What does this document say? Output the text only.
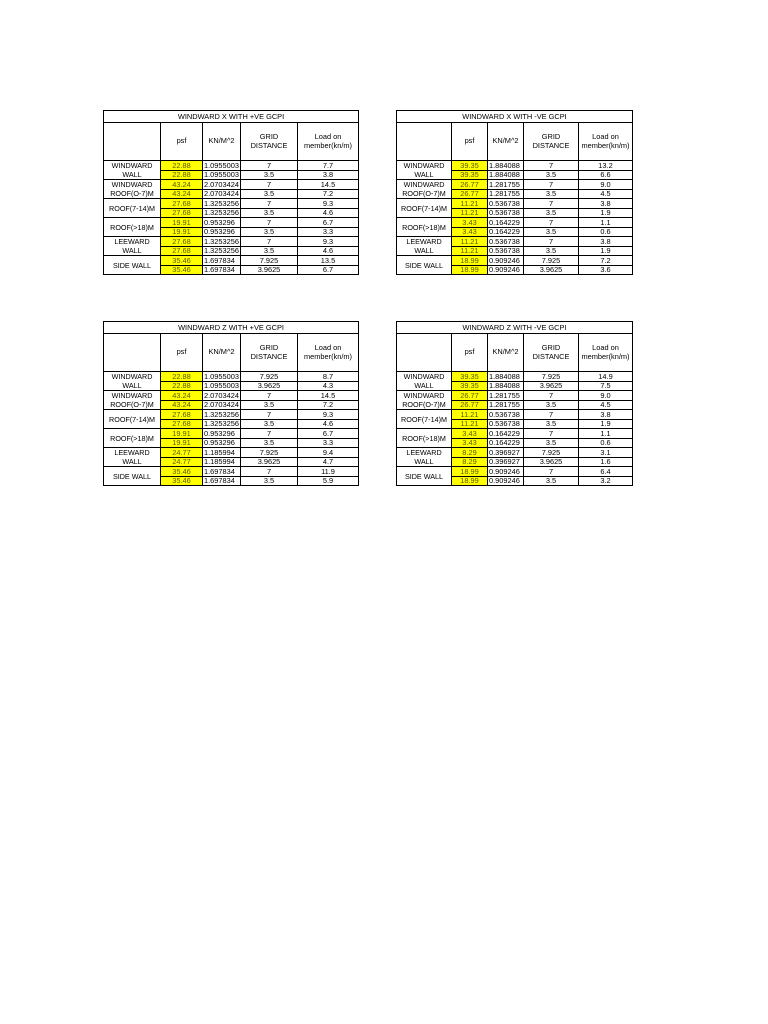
WINDWARD X WITH +VE GCPI				
	psf	KN/M^2	GRID DISTANCE	Load on member(kn/m)
WINDWARD WALL	22.88	1.0955003	7	7.7
	22.88	1.0955003	3.5	3.8
WINDWARD ROOF(O-7)M	43.24	2.0703424	7	14.5
	43.24	2.0703424	3.5	7.2
ROOF(7-14)M	27.68	1.3253256	7	9.3
	27.68	1.3253256	3.5	4.6
ROOF(>18)M	19.91	0.953296	7	6.7
	19.91	0.953296	3.5	3.3
LEEWARD WALL	27.68	1.3253256	7	9.3
	27.68	1.3253256	3.5	4.6
SIDE WALL	35.46	1.697834	7.925	13.5
	35.46	1.697834	3.9625	6.7
WINDWARD X WITH -VE GCPI				
	psf	KN/M^2	GRID DISTANCE	Load on member(kn/m)
WINDWARD WALL	39.35	1.884088	7	13.2
	39.35	1.884088	3.5	6.6
WINDWARD ROOF(O-7)M	26.77	1.281755	7	9.0
	26.77	1.281755	3.5	4.5
ROOF(7-14)M	11.21	0.536738	7	3.8
	11.21	0.536738	3.5	1.9
ROOF(>18)M	3.43	0.164229	7	1.1
	3.43	0.164229	3.5	0.6
LEEWARD WALL	11.21	0.536738	7	3.8
	11.21	0.536738	3.5	1.9
SIDE WALL	18.99	0.909246	7.925	7.2
	18.99	0.909246	3.9625	3.6
WINDWARD Z WITH +VE GCPI				
	psf	KN/M^2	GRID DISTANCE	Load on member(kn/m)
WINDWARD WALL	22.88	1.0955003	7.925	8.7
	22.88	1.0955003	3.9625	4.3
WINDWARD ROOF(O-7)M	43.24	2.0703424	7	14.5
	43.24	2.0703424	3.5	7.2
ROOF(7-14)M	27.68	1.3253256	7	9.3
	27.68	1.3253256	3.5	4.6
ROOF(>18)M	19.91	0.953296	7	6.7
	19.91	0.953296	3.5	3.3
LEEWARD WALL	24.77	1.185994	7.925	9.4
	24.77	1.185994	3.9625	4.7
SIDE WALL	35.46	1.697834	7	11.9
	35.46	1.697834	3.5	5.9
WINDWARD Z WITH -VE GCPI				
	psf	KN/M^2	GRID DISTANCE	Load on member(kn/m)
WINDWARD WALL	39.35	1.884088	7.925	14.9
	39.35	1.884088	3.9625	7.5
WINDWARD ROOF(O-7)M	26.77	1.281755	7	9.0
	26.77	1.281755	3.5	4.5
ROOF(7-14)M	11.21	0.536738	7	3.8
	11.21	0.536738	3.5	1.9
ROOF(>18)M	3.43	0.164229	7	1.1
	3.43	0.164229	3.5	0.6
LEEWARD WALL	8.29	0.396927	7.925	3.1
	8.29	0.396927	3.9625	1.6
SIDE WALL	18.99	0.909246	7	6.4
	18.99	0.909246	3.5	3.2
